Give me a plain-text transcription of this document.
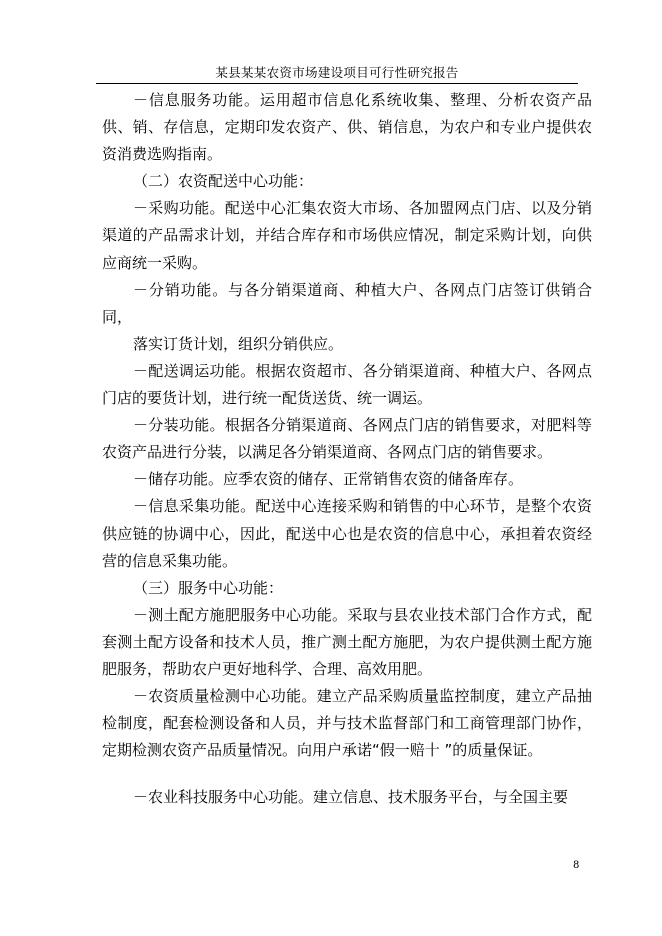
某县某某农资市场建设项目可行性研究报告

－信息服务功能。运用超市信息化系统收集、整理、分析农资产品供、销、存信息，定期印发农资产、供、销信息，为农户和专业户提供农资消费选购指南。

（二）农资配送中心功能：

－采购功能。配送中心汇集农资大市场、各加盟网点门店、以及分销渠道的产品需求计划，并结合库存和市场供应情况，制定采购计划，向供应商统一采购。

－分销功能。与各分销渠道商、种植大户、各网点门店签订供销合同，

落实订货计划，组织分销供应。

－配送调运功能。根据农资超市、各分销渠道商、种植大户、各网点门店的要货计划，进行统一配货送货、统一调运。

－分装功能。根据各分销渠道商、各网点门店的销售要求，对肥料等农资产品进行分装，以满足各分销渠道商、各网点门店的销售要求。

－储存功能。应季农资的储存、正常销售农资的储备库存。

－信息采集功能。配送中心连接采购和销售的中心环节，是整个农资供应链的协调中心，因此，配送中心也是农资的信息中心，承担着农资经营的信息采集功能。

（三）服务中心功能：

－测土配方施肥服务中心功能。采取与县农业技术部门合作方式，配套测土配方设备和技术人员，推广测土配方施肥，为农户提供测土配方施肥服务，帮助农户更好地科学、合理、高效用肥。

－农资质量检测中心功能。建立产品采购质量监控制度，建立产品抽检制度，配套检测设备和人员，并与技术监督部门和工商管理部门协作，定期检测农资产品质量情况。向用户承诺“假一赔十 ”的质量保证。

－农业科技服务中心功能。建立信息、技术服务平台，与全国主要

8
